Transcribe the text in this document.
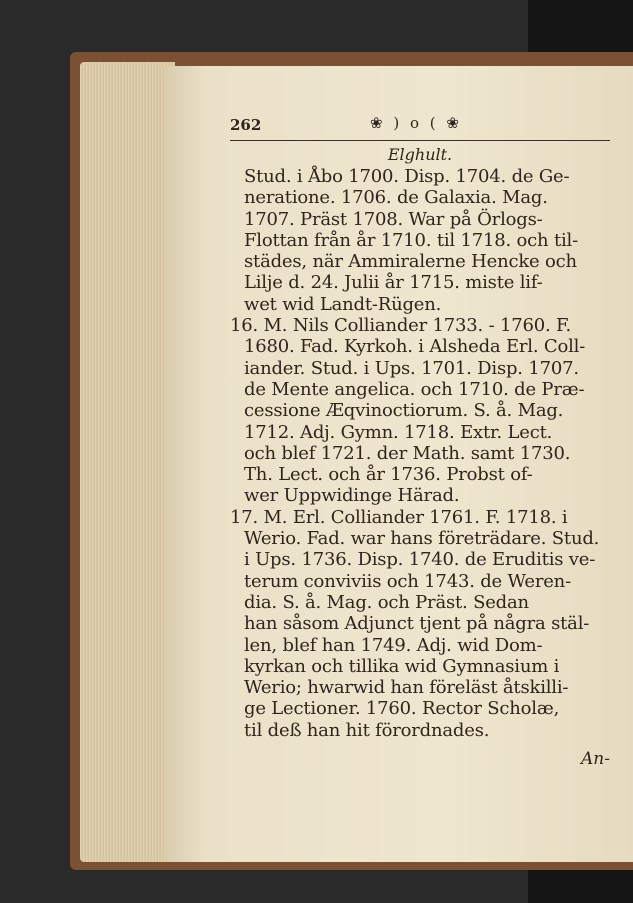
262	❀ ) o ( ❀
Elghult.
Stud. i Åbo 1700. Disp. 1704. de Ge-
neratione. 1706. de Galaxia. Mag.
1707. Präst 1708. War på Örlogs-
Flottan från år 1710. til 1718. och til-
städes, när Ammiralerne Hencke och
Lilje d. 24. Julii år 1715. miste lif-
wet wid Landt-Rügen.
16. M. Nils Colliander 1733. - 1760. F.
1680. Fad. Kyrkoh. i Alsheda Erl. Coll-
iander. Stud. i Ups. 1701. Disp. 1707.
de Mente angelica. och 1710. de Præ-
cessione Æqvinoctiorum. S. å. Mag.
1712. Adj. Gymn. 1718. Extr. Lect.
och blef 1721. der Math. samt 1730.
Th. Lect. och år 1736. Probst of-
wer Uppwidinge Härad.
17. M. Erl. Colliander 1761. F. 1718. i
Werio. Fad. war hans företrädare. Stud.
i Ups. 1736. Disp. 1740. de Eruditis ve-
terum conviviis och 1743. de Weren-
dia. S. å. Mag. och Präst. Sedan
han såsom Adjunct tjent på några stäl-
len, blef han 1749. Adj. wid Dom-
kyrkan och tillika wid Gymnasium i
Werio; hwarwid han föreläst åtskilli-
ge Lectioner. 1760. Rector Scholæ,
til deß han hit förordnades.
An-
